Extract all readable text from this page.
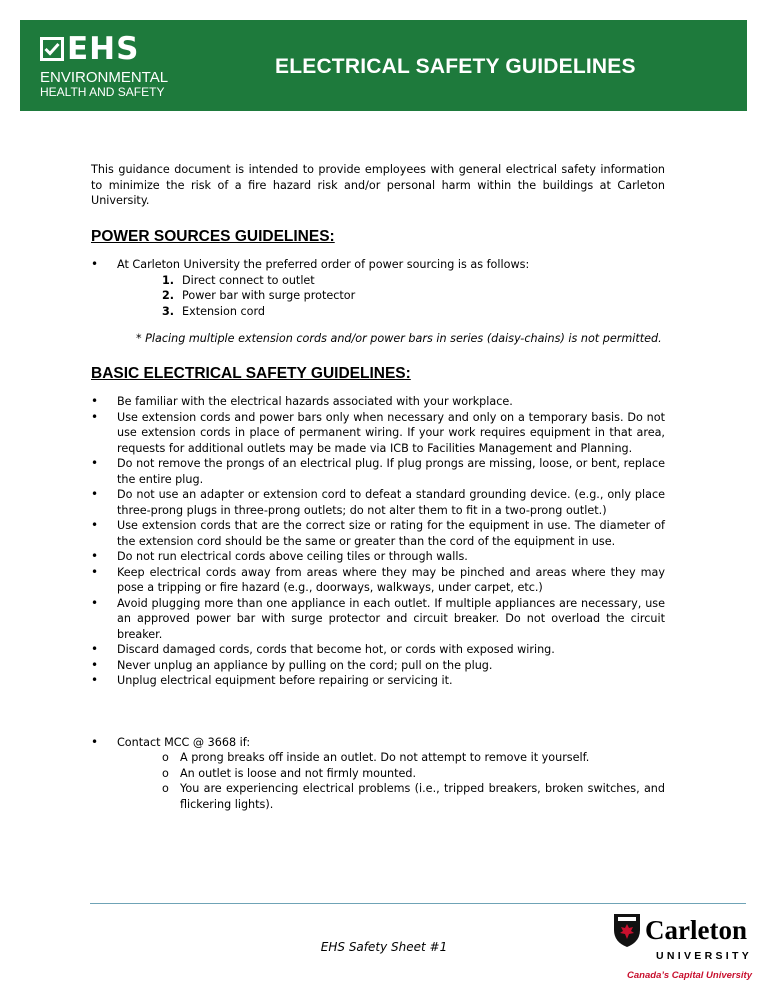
EHS
ENVIRONMENTAL
HEALTH AND SAFETY
ELECTRICAL SAFETY GUIDELINES

This guidance document is intended to provide employees with general electrical safety information to minimize the risk of a fire hazard risk and/or personal harm within the buildings at Carleton University.

POWER SOURCES GUIDELINES:
• At Carleton University the preferred order of power sourcing is as follows:
1. Direct connect to outlet
2. Power bar with surge protector
3. Extension cord

* Placing multiple extension cords and/or power bars in series (daisy-chains) is not permitted.

BASIC ELECTRICAL SAFETY GUIDELINES:
• Be familiar with the electrical hazards associated with your workplace.
• Use extension cords and power bars only when necessary and only on a temporary basis. Do not use extension cords in place of permanent wiring. If your work requires equipment in that area, requests for additional outlets may be made via ICB to Facilities Management and Planning.
• Do not remove the prongs of an electrical plug. If plug prongs are missing, loose, or bent, replace the entire plug.
• Do not use an adapter or extension cord to defeat a standard grounding device. (e.g., only place three-prong plugs in three-prong outlets; do not alter them to fit in a two-prong outlet.)
• Use extension cords that are the correct size or rating for the equipment in use. The diameter of the extension cord should be the same or greater than the cord of the equipment in use.
• Do not run electrical cords above ceiling tiles or through walls.
• Keep electrical cords away from areas where they may be pinched and areas where they may pose a tripping or fire hazard (e.g., doorways, walkways, under carpet, etc.)
• Avoid plugging more than one appliance in each outlet. If multiple appliances are necessary, use an approved power bar with surge protector and circuit breaker. Do not overload the circuit breaker.
• Discard damaged cords, cords that become hot, or cords with exposed wiring.
• Never unplug an appliance by pulling on the cord; pull on the plug.
• Unplug electrical equipment before repairing or servicing it.
• Contact MCC @ 3668 if:
o A prong breaks off inside an outlet. Do not attempt to remove it yourself.
o An outlet is loose and not firmly mounted.
o You are experiencing electrical problems (i.e., tripped breakers, broken switches, and flickering lights).
EHS Safety Sheet #1
Carleton
UNIVERSITY
Canada’s Capital University
